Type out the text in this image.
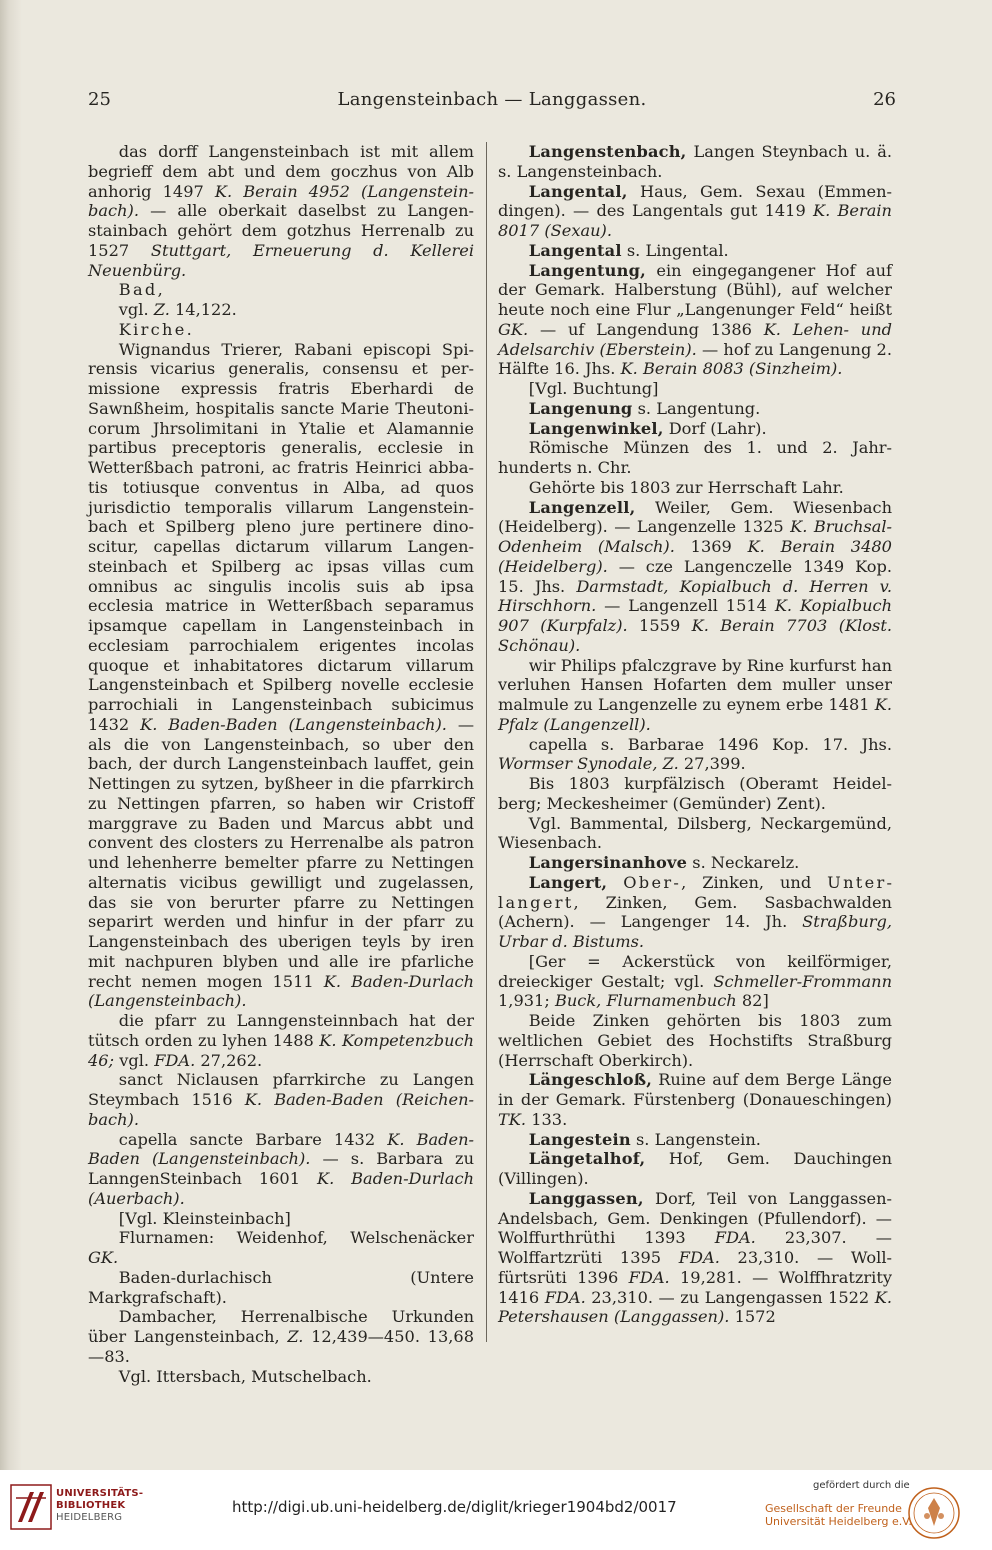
25	Langensteinbach — Langgassen.	26

das dorff Langensteinbach ist mit allem begrieff dem abt und dem goczhus von Alb anhorig 1497 K. Berain 4952 (Langensteinbach). — alle oberkait daselbst zu Langenstainbach gehört dem gotzhus Herrenalb zu 1527 Stuttgart, Erneuerung d. Kellerei Neuenbürg.

Bad,

vgl. Z. 14,122.

Kirche.

Wignandus Trierer, Rabani episcopi Spirensis vicarius generalis, consensu et permissione expressis fratris Eberhardi de Sawnßheim, hospitalis sancte Marie Theutonicorum Jhrsolimitani in Ytalie et Alamannie partibus preceptoris generalis, ecclesie in Wetterßbach patroni, ac fratris Heinrici abbatis totiusque conventus in Alba, ad quos jurisdictio temporalis villarum Langensteinbach et Spilberg pleno jure pertinere dinoscitur, capellas dictarum villarum Langensteinbach et Spilberg ac ipsas villas cum omnibus ac singulis incolis suis ab ipsa ecclesia matrice in Wetterßbach separamus ipsamque capellam in Langensteinbach in ecclesiam parrochialem erigentes incolas quoque et inhabitatores dictarum villarum Langensteinbach et Spilberg novelle ecclesie parrochiali in Langensteinbach subicimus 1432 K. Baden-Baden (Langensteinbach). — als die von Langensteinbach, so uber den bach, der durch Langensteinbach lauffet, gein Nettingen zu sytzen, byßheer in die pfarrkirch zu Nettingen pfarren, so haben wir Cristoff marggrave zu Baden und Marcus abbt und convent des closters zu Herrenalbe als patron und lehenherre bemelter pfarre zu Nettingen alternatis vicibus gewilligt und zugelassen, das sie von berurter pfarre zu Nettingen separirt werden und hinfur in der pfarr zu Langensteinbach des uberigen teyls by iren mit nachpuren blyben und alle ire pfarliche recht nemen mogen 1511 K. Baden-Durlach (Langensteinbach).

die pfarr zu Lanngensteinnbach hat der tütsch orden zu lyhen 1488 K. Kompetenzbuch 46; vgl. FDA. 27,262.

sanct Niclausen pfarrkirche zu Langen Steymbach 1516 K. Baden-Baden (Reichenbach).

capella sancte Barbare 1432 K. Baden-Baden (Langensteinbach). — s. Barbara zu LanngenSteinbach 1601 K. Baden-Durlach (Auerbach).

[Vgl. Kleinsteinbach]

Flurnamen: Weidenhof, Welschenäcker GK.

Baden-durlachisch (Untere Markgrafschaft).

Dambacher, Herrenalbische Urkunden über Langensteinbach, Z. 12,439—450. 13,68—83.

Vgl. Ittersbach, Mutschelbach.

Langenstenbach, Langen Steynbach u. ä. s. Langensteinbach.

Langental, Haus, Gem. Sexau (Emmendingen). — des Langentals gut 1419 K. Berain 8017 (Sexau).

Langental s. Lingental.

Langentung, ein eingegangener Hof auf der Gemark. Halberstung (Bühl), auf welcher heute noch eine Flur „Langenunger Feld“ heißt GK. — uf Langendung 1386 K. Lehen- und Adelsarchiv (Eberstein). — hof zu Langenung 2. Hälfte 16. Jhs. K. Berain 8083 (Sinzheim).

[Vgl. Buchtung]

Langenung s. Langentung.

Langenwinkel, Dorf (Lahr).

Römische Münzen des 1. und 2. Jahrhunderts n. Chr.

Gehörte bis 1803 zur Herrschaft Lahr.

Langenzell, Weiler, Gem. Wiesenbach (Heidelberg). — Langenzelle 1325 K. Bruchsal-Odenheim (Malsch). 1369 K. Berain 3480 (Heidelberg). — cze Langenczelle 1349 Kop. 15. Jhs. Darmstadt, Kopialbuch d. Herren v. Hirschhorn. — Langenzell 1514 K. Kopialbuch 907 (Kurpfalz). 1559 K. Berain 7703 (Klost. Schönau).

wir Philips pfalczgrave by Rine kurfurst han verluhen Hansen Hofarten dem muller unser malmule zu Langenzelle zu eynem erbe 1481 K. Pfalz (Langenzell).

capella s. Barbarae 1496 Kop. 17. Jhs. Wormser Synodale, Z. 27,399.

Bis 1803 kurpfälzisch (Oberamt Heidelberg; Meckesheimer (Gemünder) Zent).

Vgl. Bammental, Dilsberg, Neckargemünd, Wiesenbach.

Langersinanhove s. Neckarelz.

Langert, Ober-, Zinken, und Unterlangert, Zinken, Gem. Sasbachwalden (Achern). — Langenger 14. Jh. Straßburg, Urbar d. Bistums.

[Ger = Ackerstück von keilförmiger, dreieckiger Gestalt; vgl. Schmeller-Frommann 1,931; Buck, Flurnamenbuch 82]

Beide Zinken gehörten bis 1803 zum weltlichen Gebiet des Hochstifts Straßburg (Herrschaft Oberkirch).

Längeschloß, Ruine auf dem Berge Länge in der Gemark. Fürstenberg (Donaueschingen) TK. 133.

Langestein s. Langenstein.

Längetalhof, Hof, Gem. Dauchingen (Villingen).

Langgassen, Dorf, Teil von Langgassen-Andelsbach, Gem. Denkingen (Pfullendorf). — Wolffurthrüthi 1393 FDA. 23,307. — Wolffartzrüti 1395 FDA. 23,310. — Wollfürtsrüti 1396 FDA. 19,281. — Wolffhratzrity 1416 FDA. 23,310. — zu Langengassen 1522 K. Petershausen (Langgassen). 1572

UNIVERSITÄTS-
BIBLIOTHEK
HEIDELBERG
http://digi.ub.uni-heidelberg.de/diglit/krieger1904bd2/0017
gefördert durch die
Gesellschaft der Freunde
Universität Heidelberg e.V.
